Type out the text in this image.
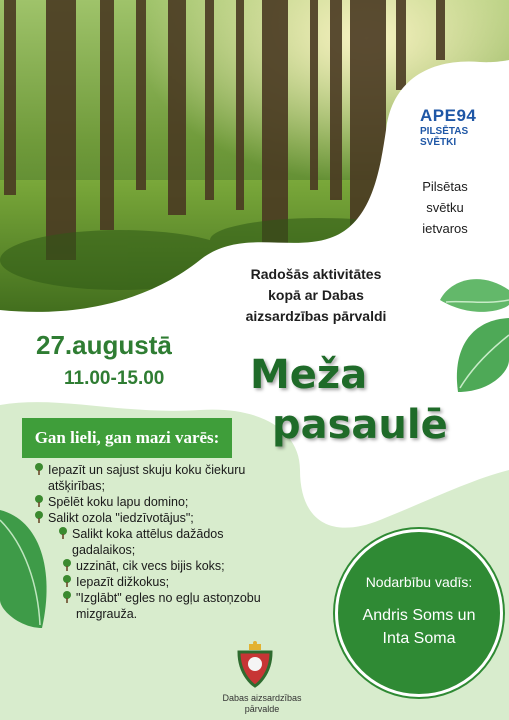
APE94
PILSĒTAS
SVĒTKI
Pilsētas
svētku
ietvaros
Radošās aktivitātes
kopā ar Dabas
aizsardzības pārvaldi
27.augustā
11.00-15.00 Meža
pasaulē
Gan lieli, gan mazi varēs:
Iepazīt un sajust skuju koku čiekuru atšķirības;
Spēlēt koku lapu domino;
Salikt ozola "iedzīvotājus";
Salikt koka attēlus dažādos gadalaikos;
uzzināt, cik vecs bijis koks;
Iepazīt dižkokus;
"Izglābt" egles no egļu astoņzobu mizgrauža.
Nodarbību vadīs:
Andris Soms un
Inta Soma
Dabas aizsardzības
pārvalde
